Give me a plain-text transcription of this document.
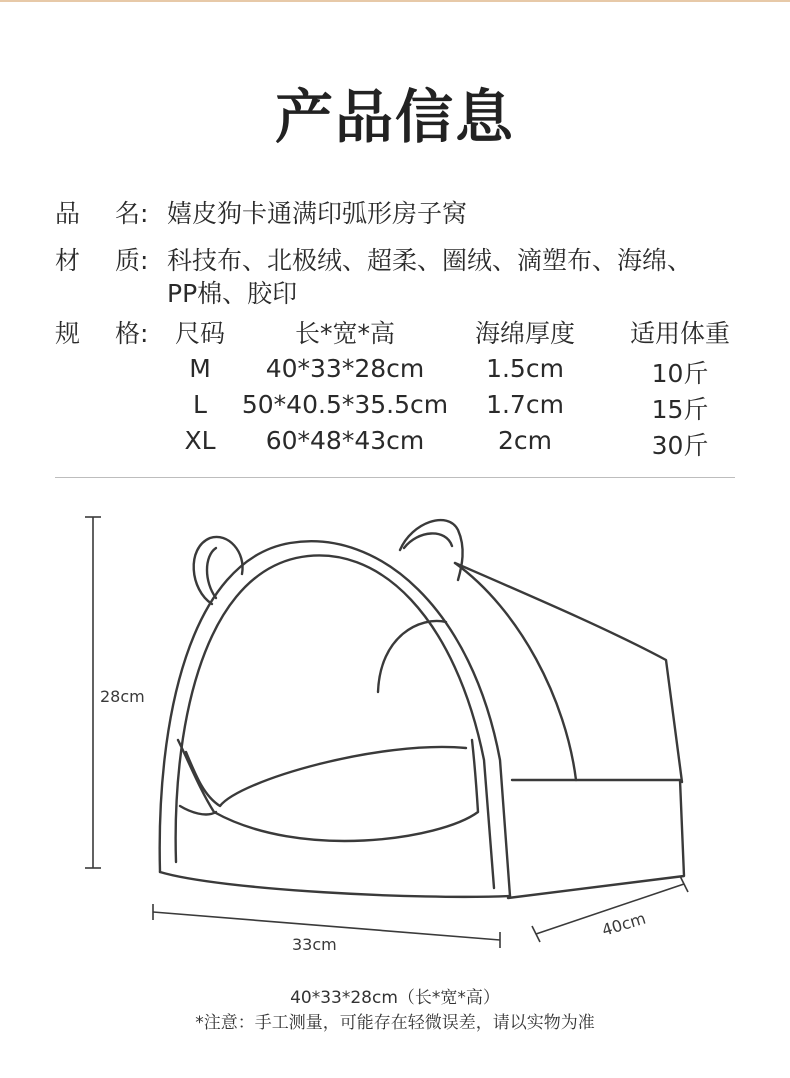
产品信息
品 名: 嬉皮狗卡通满印弧形房子窝
材 质: 科技布、北极绒、超柔、圈绒、滴塑布、海绵、
PP棉、胶印
规 格:	尺码	长*宽*高	海绵厚度	适用体重
M	40*33*28cm	1.5cm	10斤
L	50*40.5*35.5cm	1.7cm	15斤
XL	60*48*43cm	2cm	30斤
28cm
33cm
40cm
40*33*28cm（长*宽*高）
*注意：手工测量，可能存在轻微误差，请以实物为准
